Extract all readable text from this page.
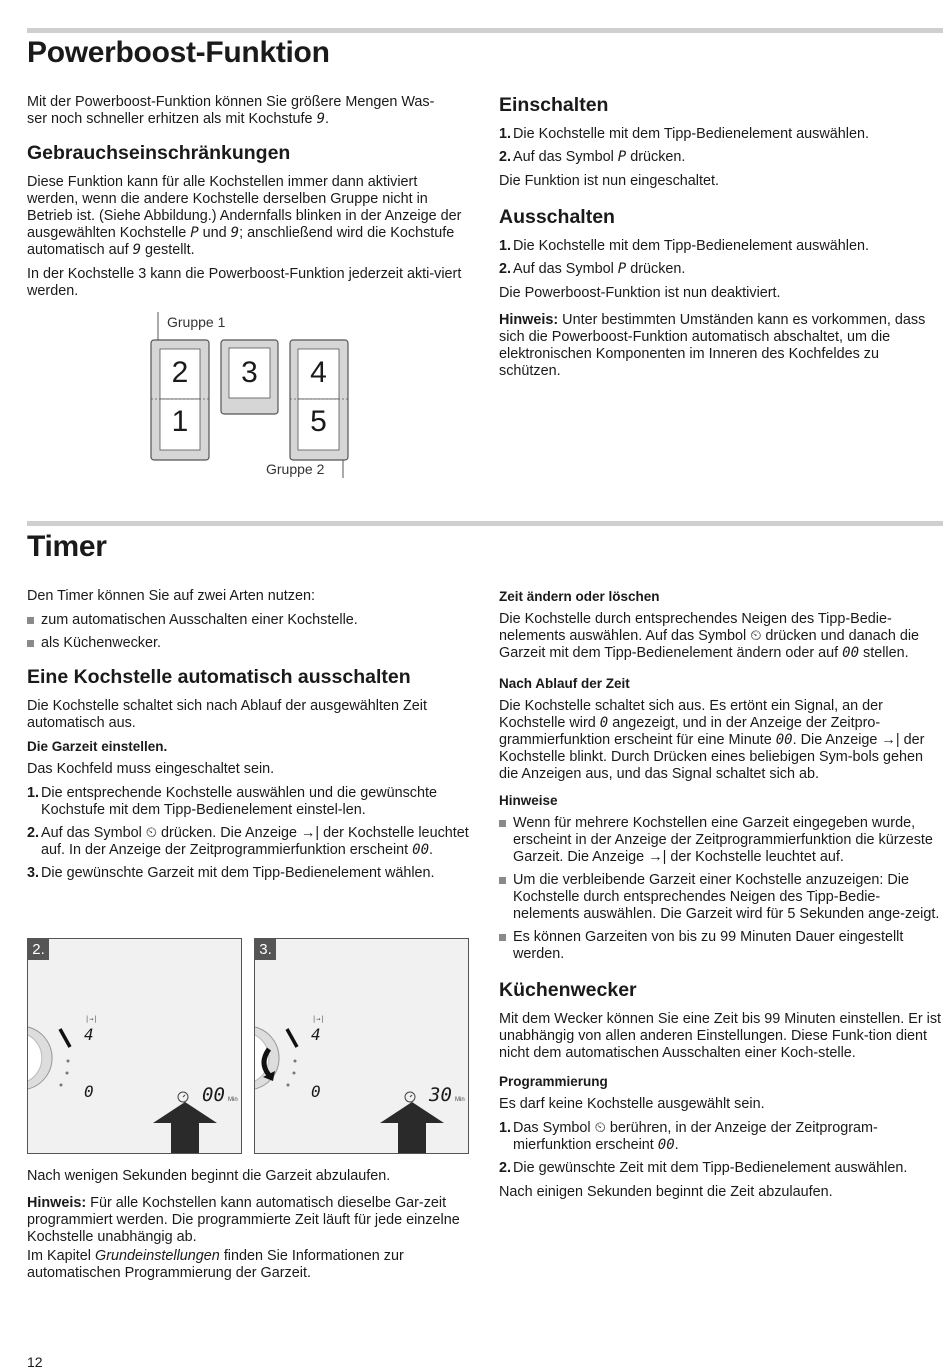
Powerboost-Funktion

Mit der Powerboost-Funktion können Sie größere Mengen Was-
ser noch schneller erhitzen als mit Kochstufe 9.

Gebrauchseinschränkungen

Diese Funktion kann für alle Kochstellen immer dann aktiviert werden, wenn die andere Kochstelle derselben Gruppe nicht in Betrieb ist. (Siehe Abbildung.) Andernfalls blinken in der Anzeige der ausgewählten Kochstelle P und 9; anschließend wird die Kochstufe automatisch auf 9 gestellt.

In der Kochstelle 3 kann die Powerboost-Funktion jederzeit akti-viert werden.

Gruppe 1
Gruppe 2
2
1
3	4
5
Einschalten
1. Die Kochstelle mit dem Tipp-Bedienelement auswählen.
2. Auf das Symbol P drücken.

Die Funktion ist nun eingeschaltet.

Ausschalten
1. Die Kochstelle mit dem Tipp-Bedienelement auswählen.
2. Auf das Symbol P drücken.

Die Powerboost-Funktion ist nun deaktiviert.

Hinweis: Unter bestimmten Umständen kann es vorkommen, dass sich die Powerboost-Funktion automatisch abschaltet, um die elektronischen Komponenten im Inneren des Kochfeldes zu schützen.

Timer

Den Timer können Sie auf zwei Arten nutzen:

zum automatischen Ausschalten einer Kochstelle.
als Küchenwecker.
Eine Kochstelle automatisch ausschalten

Die Kochstelle schaltet sich nach Ablauf der ausgewählten Zeit automatisch aus.

Die Garzeit einstellen.

Das Kochfeld muss eingeschaltet sein.

1. Die entsprechende Kochstelle auswählen und die gewünschte Kochstufe mit dem Tipp-Bedienelement einstel-len.
2. Auf das Symbol ⏲ drücken. Die Anzeige →| der Kochstelle leuchtet auf. In der Anzeige der Zeitprogrammierfunktion erscheint 00.
3. Die gewünschte Garzeit mit dem Tipp-Bedienelement wählen.
2.
|→|
4
0	00 Min
3.
|→|
4
0	30 Min

Nach wenigen Sekunden beginnt die Garzeit abzulaufen.

Hinweis: Für alle Kochstellen kann automatisch dieselbe Gar-zeit programmiert werden. Die programmierte Zeit läuft für jede einzelne Kochstelle unabhängig ab.

Im Kapitel Grundeinstellungen finden Sie Informationen zur automatischen Programmierung der Garzeit.

Zeit ändern oder löschen

Die Kochstelle durch entsprechendes Neigen des Tipp-Bedie-nelements auswählen. Auf das Symbol ⏲ drücken und danach die Garzeit mit dem Tipp-Bedienelement ändern oder auf 00 stellen.

Nach Ablauf der Zeit

Die Kochstelle schaltet sich aus. Es ertönt ein Signal, an der Kochstelle wird 0 angezeigt, und in der Anzeige der Zeitpro-grammierfunktion erscheint für eine Minute 00. Die Anzeige →| der Kochstelle blinkt. Durch Drücken eines beliebigen Sym-bols gehen die Anzeigen aus, und das Signal schaltet sich ab.

Hinweise
Wenn für mehrere Kochstellen eine Garzeit eingegeben wurde, erscheint in der Anzeige der Zeitprogrammierfunktion die kürzeste Garzeit. Die Anzeige →| der Kochstelle leuchtet auf.
Um die verbleibende Garzeit einer Kochstelle anzuzeigen: Die Kochstelle durch entsprechendes Neigen des Tipp-Bedie-nelements auswählen. Die Garzeit wird für 5 Sekunden ange-zeigt.
Es können Garzeiten von bis zu 99 Minuten Dauer eingestellt werden.
Küchenwecker

Mit dem Wecker können Sie eine Zeit bis 99 Minuten einstellen. Er ist unabhängig von allen anderen Einstellungen. Diese Funk-tion dient nicht dem automatischen Ausschalten einer Koch-stelle.

Programmierung

Es darf keine Kochstelle ausgewählt sein.

1. Das Symbol ⏲ berühren, in der Anzeige der Zeitprogram-mierfunktion erscheint 00.
2. Die gewünschte Zeit mit dem Tipp-Bedienelement auswählen.

Nach einigen Sekunden beginnt die Zeit abzulaufen.

12
